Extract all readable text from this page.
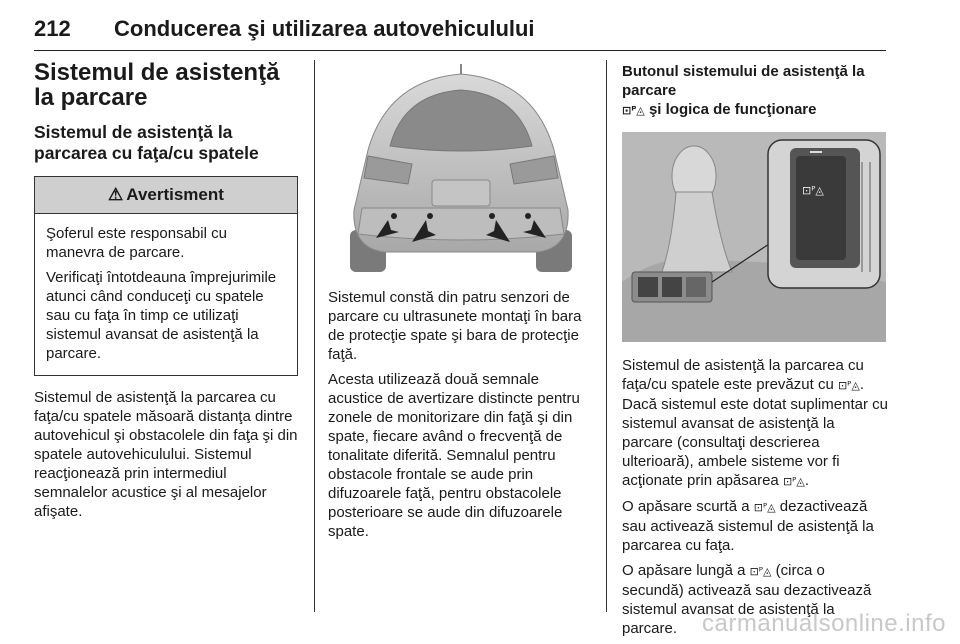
212 Conducerea şi utilizarea autovehiculului
Sistemul de asistenţă la parcare
Sistemul de asistenţă la parcarea cu faţa/cu spatele
⚠ Avertisment

Şoferul este responsabil cu manevra de parcare.

Verificaţi întotdeauna împrejurimile atunci când conduceţi cu spatele sau cu faţa în timp ce utilizaţi sistemul avansat de asistenţă la parcare.

Sistemul de asistenţă la parcarea cu faţa/cu spatele măsoară distanţa dintre autovehicul şi obstacolele din faţa şi din spatele autovehiculului. Sistemul reacţionează prin intermediul semnalelor acustice şi al mesajelor afişate.

Sistemul constă din patru senzori de parcare cu ultrasunete montaţi în bara de protecţie spate şi bara de protecţie faţă.

Acesta utilizează două semnale acustice de avertizare distincte pentru zonele de monitorizare din faţă şi din spate, fiecare având o frecvenţă de tonalitate diferită. Semnalul pentru obstacole frontale se aude prin difuzoarele faţă, pentru obstacolele posterioare se aude din difuzoarele spate.

Butonul sistemului de asistenţă la parcare
⊡ᴾ◬ şi logica de funcţionare
⊡ᴾ◬

Sistemul de asistenţă la parcarea cu faţa/cu spatele este prevăzut cu ⊡ᴾ◬. Dacă sistemul este dotat suplimentar cu sistemul avansat de asistenţă la parcare (consultaţi descrierea ulterioară), ambele sisteme vor fi acţionate prin apăsarea ⊡ᴾ◬.

O apăsare scurtă a ⊡ᴾ◬ dezactivează sau activează sistemul de asistenţă la parcarea cu faţa.

O apăsare lungă a ⊡ᴾ◬ (circa o secundă) activează sau dezactivează sistemul avansat de asistenţă la parcare.	carmanualsonline.info
